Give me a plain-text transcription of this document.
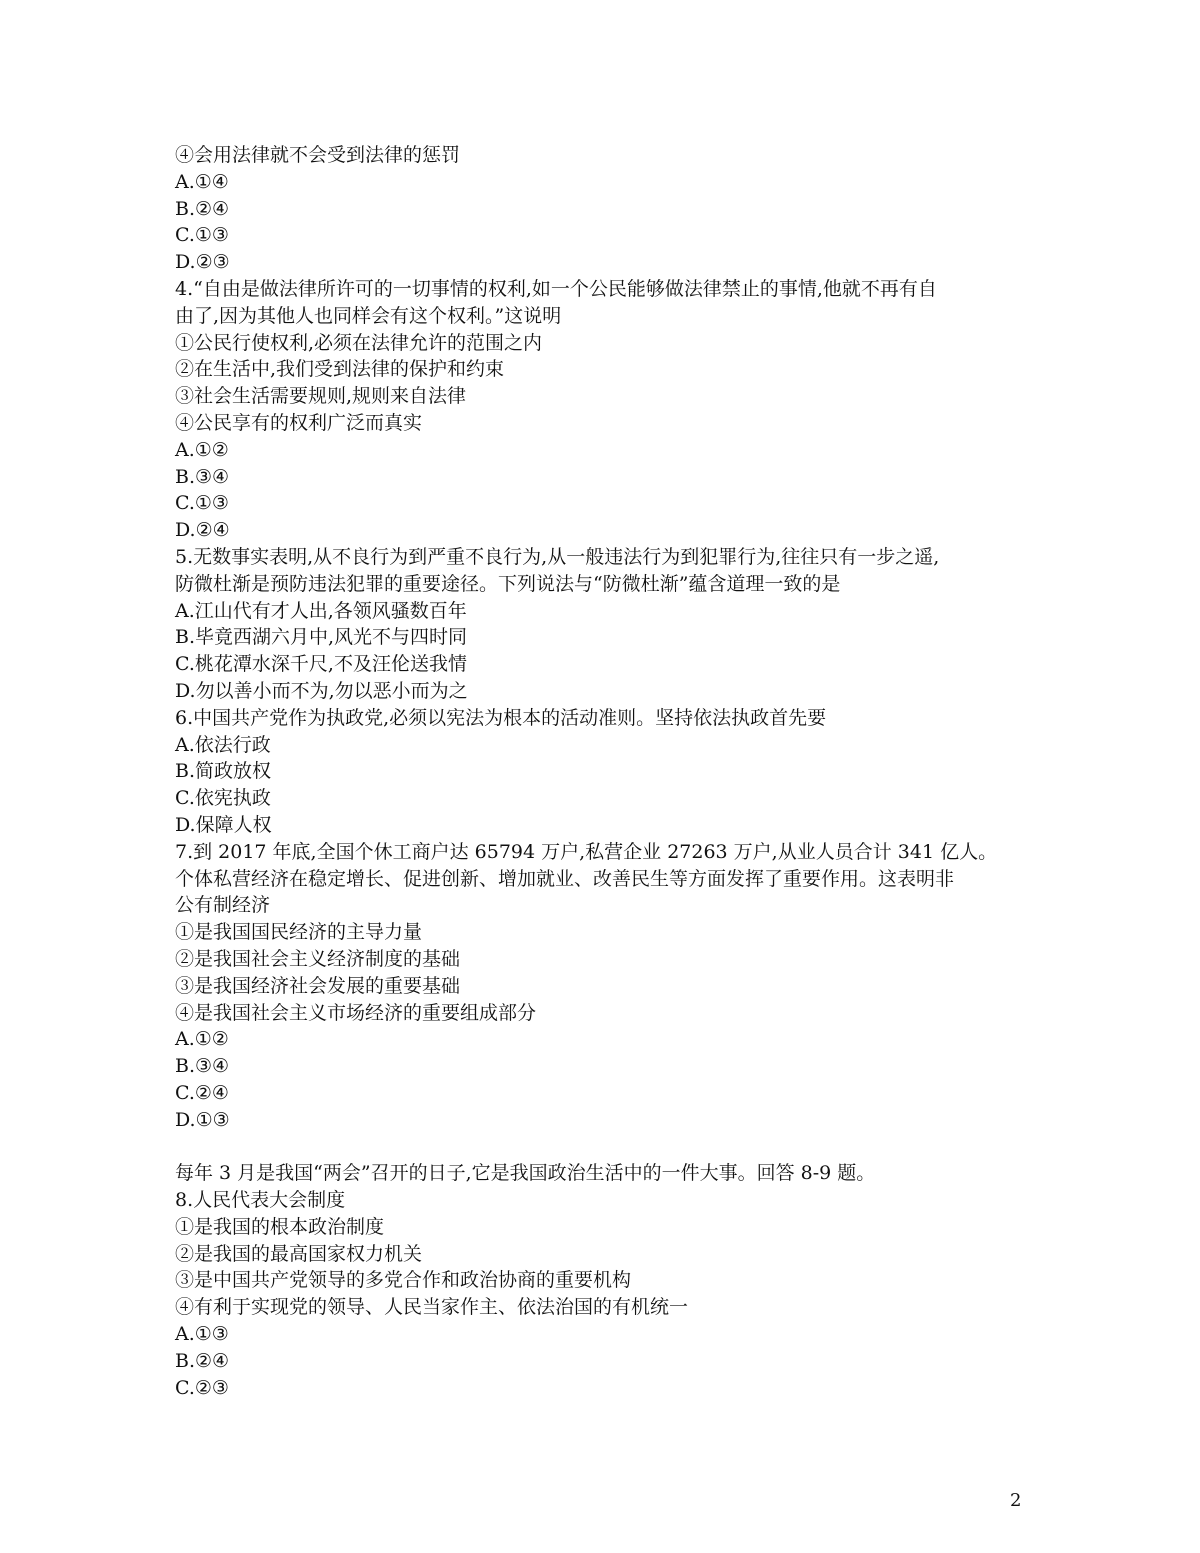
④会用法律就不会受到法律的惩罚
A.①④
B.②④
C.①③
D.②③
4.“自由是做法律所许可的一切事情的权利,如一个公民能够做法律禁止的事情,他就不再有自
由了,因为其他人也同样会有这个权利。”这说明
①公民行使权利,必须在法律允许的范围之内
②在生活中,我们受到法律的保护和约束
③社会生活需要规则,规则来自法律
④公民享有的权利广泛而真实
A.①②
B.③④
C.①③
D.②④
5.无数事实表明,从不良行为到严重不良行为,从一般违法行为到犯罪行为,往往只有一步之遥,
防微杜渐是预防违法犯罪的重要途径。下列说法与“防微杜渐”蕴含道理一致的是
A.江山代有才人出,各领风骚数百年
B.毕竟西湖六月中,风光不与四时同
C.桃花潭水深千尺,不及汪伦送我情
D.勿以善小而不为,勿以恶小而为之
6.中国共产党作为执政党,必须以宪法为根本的活动准则。坚持依法执政首先要
A.依法行政
B.简政放权
C.依宪执政
D.保障人权
7.到 2017 年底,全国个休工商户达 65794 万户,私营企业 27263 万户,从业人员合计 341 亿人。
个体私营经济在稳定增长、促进创新、增加就业、改善民生等方面发挥了重要作用。这表明非
公有制经济
①是我国国民经济的主导力量
②是我国社会主义经济制度的基础
③是我国经济社会发展的重要基础
④是我国社会主义市场经济的重要组成部分
A.①②
B.③④
C.②④
D.①③
每年 3 月是我国“两会”召开的日子,它是我国政治生活中的一件大事。回答 8-9 题。
8.人民代表大会制度
①是我国的根本政治制度
②是我国的最高国家权力机关
③是中国共产党领导的多党合作和政治协商的重要机构
④有利于实现党的领导、人民当家作主、依法治国的有机统一
A.①③
B.②④
C.②③
2
